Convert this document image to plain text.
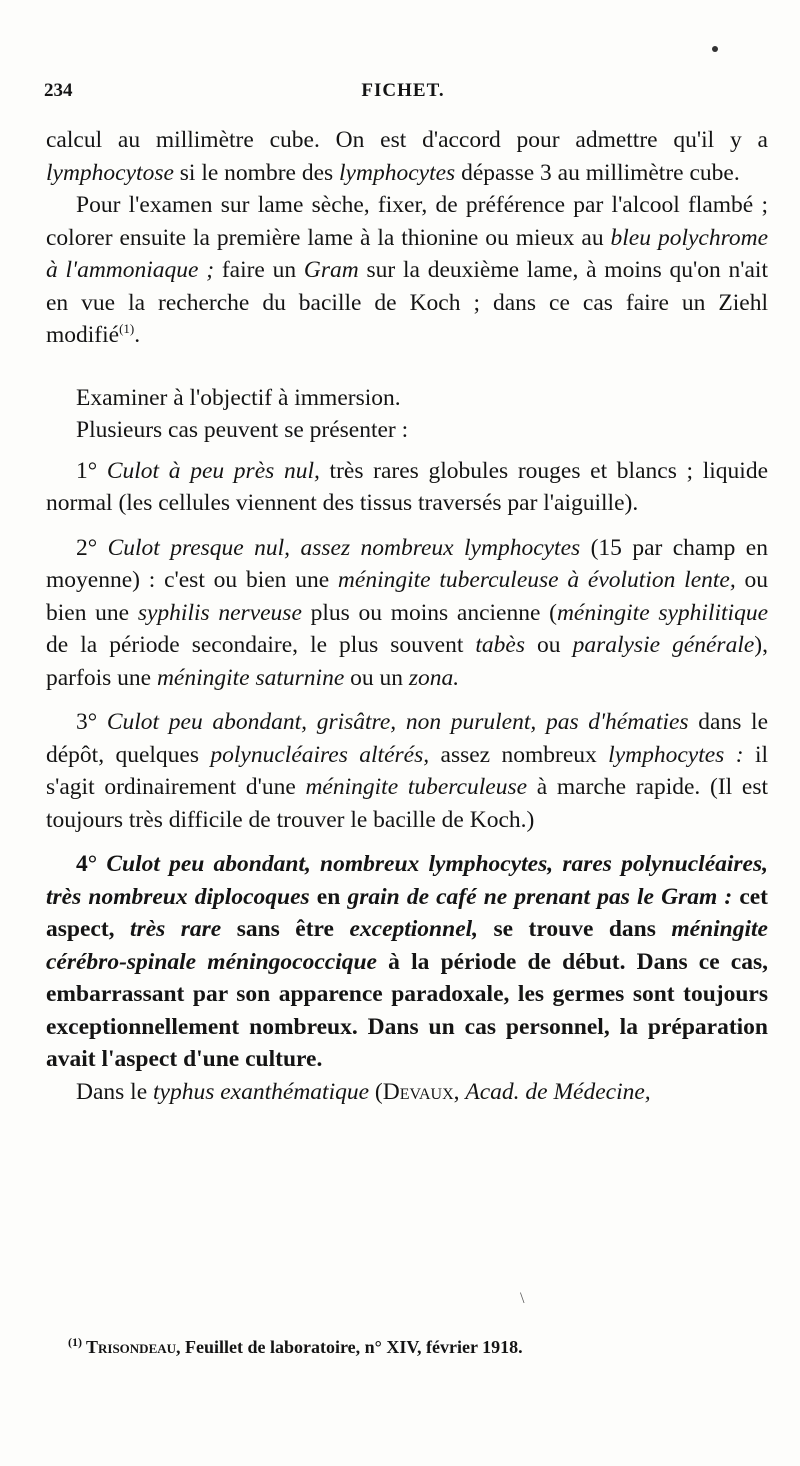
234	FICHET.

calcul au millimètre cube. On est d'accord pour admettre qu'il y a lymphocytose si le nombre des lymphocytes dépasse 3 au millimètre cube.

Pour l'examen sur lame sèche, fixer, de préférence par l'alcool flambé ; colorer ensuite la première lame à la thionine ou mieux au bleu polychrome à l'ammoniaque ; faire un Gram sur la deuxième lame, à moins qu'on n'ait en vue la recherche du bacille de Koch ; dans ce cas faire un Ziehl modifié$^{(1)}$.

Examiner à l'objectif à immersion.

Plusieurs cas peuvent se présenter :

1° Culot à peu près nul, très rares globules rouges et blancs ; liquide normal (les cellules viennent des tissus traversés par l'aiguille).

2° Culot presque nul, assez nombreux lymphocytes (15 par champ en moyenne) : c'est ou bien une méningite tuberculeuse à évolution lente, ou bien une syphilis nerveuse plus ou moins ancienne (méningite syphilitique de la période secondaire, le plus souvent tabès ou paralysie générale), parfois une méningite saturnine ou un zona.

3° Culot peu abondant, grisâtre, non purulent, pas d'hématies dans le dépôt, quelques polynucléaires altérés, assez nombreux lymphocytes : il s'agit ordinairement d'une méningite tuberculeuse à marche rapide. (Il est toujours très difficile de trouver le bacille de Koch.)

4° Culot peu abondant, nombreux lymphocytes, rares polynucléaires, très nombreux diplocoques en grain de café ne prenant pas le Gram : cet aspect, très rare sans être exceptionnel, se trouve dans méningite cérébro-spinale méningococcique à la période de début. Dans ce cas, embarrassant par son apparence paradoxale, les germes sont toujours exceptionnellement nombreux. Dans un cas personnel, la préparation avait l'aspect d'une culture.

Dans le typhus exanthématique (Devaux, Acad. de Médecine,

\
$^{(1)}$ Trisondeau, Feuillet de laboratoire, n° XIV, février 1918.
